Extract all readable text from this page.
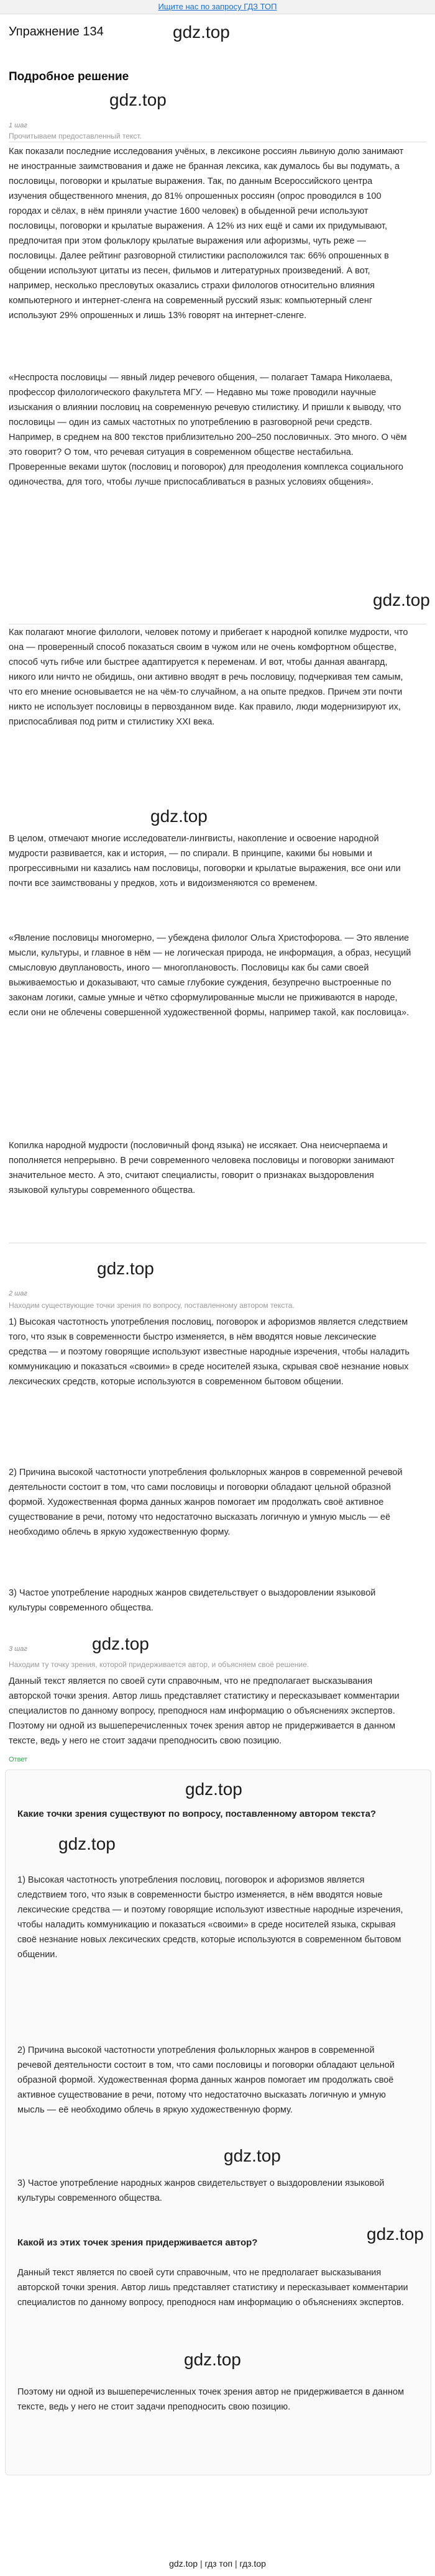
Ищите нас по запросу ГДЗ ТОП
Упражнение 134	gdz.top
Подробное решение
gdz.top
1 шаг
Прочитываем предоставленный текст.

Как показали последние исследования учёных, в лексиконе россиян львиную долю занимают не иностранные заимствования и даже не бранная лексика, как думалось бы вы подумать, а пословицы, поговорки и крылатые выражения. Так, по данным Всероссийского центра изучения общественного мнения, до 81% опрошенных россиян (опрос проводился в 100 городах и сёлах, в нём приняли участие 1600 человек) в обыденной речи используют пословицы, поговорки и крылатые выражения. А 12% из них ещё и сами их придумывают, предпочитая при этом фольклору крылатые выражения или афоризмы, чуть реже — пословицы. Далее рейтинг разговорной стилистики расположился так: 66% опрошенных в общении используют цитаты из песен, фильмов и литературных произведений. А вот, например, несколько пресловутых оказались страхи филологов относительно влияния компьютерного и интернет-сленга на современный русский язык: компьютерный сленг используют 29% опрошенных и лишь 13% говорят на интернет-сленге.

«Неспроста пословицы — явный лидер речевого общения, — полагает Тамара Николаева, профессор филологического факультета МГУ. — Недавно мы тоже проводили научные изыскания о влиянии пословиц на современную речевую стилистику. И пришли к выводу, что пословицы — один из самых частотных по употреблению в разговорной речи средств. Например, в среднем на 800 текстов приблизительно 200–250 пословичных. Это много. О чём это говорит? О том, что речевая ситуация в современном обществе нестабильна. Проверенные веками шуток (пословиц и поговорок) для преодоления комплекса социального одиночества, для того, чтобы лучше приспосабливаться в разных условиях общения».

gdz.top

Как полагают многие филологи, человек потому и прибегает к народной копилке мудрости, что она — проверенный способ показаться своим в чужом или не очень комфортном обществе, способ чуть гибче или быстрее адаптируется к переменам. И вот, чтобы данная авангард, никого или ничто не обидишь, они активно вводят в речь пословицу, подчеркивая тем самым, что его мнение основывается не на чём-то случайном, а на опыте предков. Причем эти почти никто не использует пословицы в первозданном виде. Как правило, люди модернизируют их, приспосабливая под ритм и стилистику XXI века.

gdz.top

В целом, отмечают многие исследователи-лингвисты, накопление и освоение народной мудрости развивается, как и история, — по спирали. В принципе, какими бы новыми и прогрессивными ни казались нам пословицы, поговорки и крылатые выражения, все они или почти все заимствованы у предков, хоть и видоизменяются со временем.

«Явление пословицы многомерно, — убеждена филолог Ольга Христофорова. — Это явление мысли, культуры, и главное в нём — не логическая природа, не информация, а образ, несущий смысловую двуплановость, иного — многоплановость. Пословицы как бы сами своей выживаемостью и доказывают, что самые глубокие суждения, безупречно выстроенные по законам логики, самые умные и чётко сформулированные мысли не приживаются в народе, если они не облечены совершенной художественной формы, например такой, как пословица».

Копилка народной мудрости (пословичный фонд языка) не иссякает. Она неисчерпаема и пополняется непрерывно. В речи современного человека пословицы и поговорки занимают значительное место. А это, считают специалисты, говорит о признаках выздоровления языковой культуры современного общества.

gdz.top
2 шаг
Находим существующие точки зрения по вопросу, поставленному автором текста.

1) Высокая частотность употребления пословиц, поговорок и афоризмов является следствием того, что язык в современности быстро изменяется, в нём вводятся новые лексические средства — и поэтому говорящие используют известные народные изречения, чтобы наладить коммуникацию и показаться «своими» в среде носителей языка, скрывая своё незнание новых лексических средств, которые используются в современном бытовом общении.

2) Причина высокой частотности употребления фольклорных жанров в современной речевой деятельности состоит в том, что сами пословицы и поговорки обладают цельной образной формой. Художественная форма данных жанров помогает им продолжать своё активное существование в речи, потому что недостаточно высказать логичную и умную мысль — её необходимо облечь в яркую художественную форму.

3) Частое употребление народных жанров свидетельствует о выздоровлении языковой культуры современного общества.

3 шаг	gdz.top
Находим ту точку зрения, которой придерживается автор, и объясняем своё решение.

Данный текст является по своей сути справочным, что не предполагает высказывания авторской точки зрения. Автор лишь представляет статистику и пересказывает комментарии специалистов по данному вопросу, преподнося нам информацию о объяснениях экспертов. Поэтому ни одной из вышеперечисленных точек зрения автор не придерживается в данном тексте, ведь у него не стоит задачи преподносить свою позицию.

Ответ
gdz.top

Какие точки зрения существуют по вопросу, поставленному автором текста?

gdz.top

1) Высокая частотность употребления пословиц, поговорок и афоризмов является следствием того, что язык в современности быстро изменяется, в нём вводятся новые лексические средства — и поэтому говорящие используют известные народные изречения, чтобы наладить коммуникацию и показаться «своими» в среде носителей языка, скрывая своё незнание новых лексических средств, которые используются в современном бытовом общении.

2) Причина высокой частотности употребления фольклорных жанров в современной речевой деятельности состоит в том, что сами пословицы и поговорки обладают цельной образной формой. Художественная форма данных жанров помогает им продолжать своё активное существование в речи, потому что недостаточно высказать логичную и умную мысль — её необходимо облечь в яркую художественную форму.

gdz.top

3) Частое употребление народных жанров свидетельствует о выздоровлении языковой культуры современного общества.

Какой из этих точек зрения придерживается автор?	gdz.top

Данный текст является по своей сути справочным, что не предполагает высказывания авторской точки зрения. Автор лишь представляет статистику и пересказывает комментарии специалистов по данному вопросу, преподнося нам информацию о объяснениях экспертов.

gdz.top

Поэтому ни одной из вышеперечисленных точек зрения автор не придерживается в данном тексте, ведь у него не стоит задачи преподносить свою позицию.

gdz.top | гдз топ | гдз.top
